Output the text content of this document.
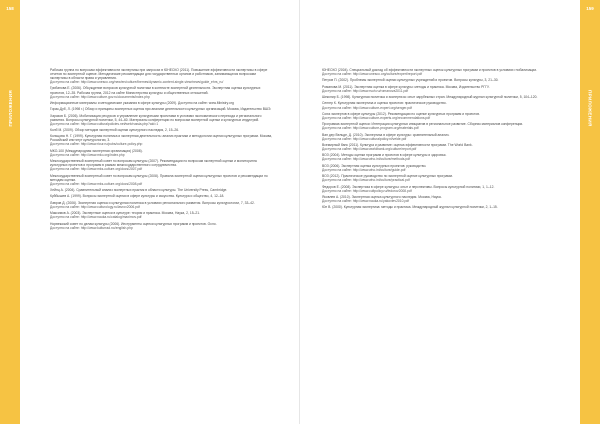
158
ПРИЛОЖЕНИЯ

Рабочая группа по вопросам эффективности экспертизы при запросах в ЮНЕСКО (2011). Повышение эффективности экспертизы в сфере отчетов по экспертной оценке. Методические рекомендации для государственных органов и работников, занимающихся вопросами экспертизы в области права и управления.
Доступно на сайте: http://www.unesco.org/new/en/culture/themes/dynamic-content-single-view/news/guide_ehrs_ru/

Грибанова Е. (2006). Обсуждение вопросов культурной политики в контексте экспертной деятельности. Экспертная оценка культурных проектов, 12–35. Рабочая группа, 2012 на сайте Министерства культуры и общественных отношений.
Доступно на сайте: http://www.culture.gov.ru/documents/index.php

Информационные материалы и методические указания в сфере культуры (2009). Доступно на сайте: www.Ministry.org

Горак-Дуб, Л. (1998 г.) Обзор и принципы экспертных оценок при анализе деятельности культурных организаций. Москва, Издательство ВШЭ.

Харазов Б. (2006). Мобилизация ресурсов и управление культурными проектами в условиях экономического перехода и регионального развития. Вопросы культурной политики, 5, 44–60. Материалы конференции по вопросам экспертной оценки и культурных индустрий.
Доступно на сайте: http://www.culturalpolicies.net/web/russia.php?aid=1

Колб М. (2009). Обзор методов экспертной оценки культурного наследия, 2, 15–26.

Кольцова Н. Г. (1999). Культурная политика и экспертная деятельность: анализ практики и методологии оценки культурных программ. Москва, Российский институт культурологии, 3.
Доступно на сайте: http://www.ricur.ru/pubs/culture-policy.php

МКО-100 (Международная экспертная организация) (2008).
Доступно на сайте: http://www.mko.org/index.php

Межгосударственный экспертный совет по вопросам культуры (2007). Рекомендации по вопросам экспертной оценки и мониторинга культурных проектов и программ в рамках межгосударственного сотрудничества.
Доступно на сайте: http://www.mks-culture.org/docs/2007.pdf

Межгосударственный экспертный совет по вопросам культуры (2008). Правила экспертной оценки культурных проектов и рекомендации по методам оценки.
Доступно на сайте: http://www.mks-culture.org/docs/2008.pdf

Хейнц А. (2004). Сравнительный анализ экспертных практик в области культуры. The University Press, Cambridge.

Куйбышев А. (1999). Вопросы экспертной оценки в сфере культуры и искусства. Культура и общество, 4, 12–18.

Лавров Д. (2006). Экспертная оценка и культурная политика в условиях регионального развития. Вопросы культурологии, 7, 33–42.
Доступно на сайте: http://www.culturology.ru/lavrov2006.pdf

Максимов А. (2003). Экспертные оценки в культуре: теория и практика. Москва, Наука, 2, 15–21.
Доступно на сайте: http://www.nauka.ru/catalog/maximov.pdf

Норвежский совет по делам культуры (2006). Инструменты оценки культурных программ и проектов. Осло.
Доступно на сайте: http://www.kulturrad.no/english.php

159
ПРИЛОЖЕНИЯ

ЮНЕСКО (2004). Специальный доклад об эффективности экспертных оценок культурных программ и проектов в условиях глобализации.
Доступно на сайте: http://www.unesco.org/culture/expert/report.pdf

Петров П. (2002). Проблемы экспертной оценки культурных учреждений и проектов. Вопросы культуры, 3, 21–30.

Романова М. (2011). Экспертная оценка в сфере культуры: методы и практика. Москва, Издательство РГГУ.
Доступно на сайте: http://www.rsuh.ru/romanova2011.pdf

Шекспир Б. (1998). Культурная политика и экспертиза: опыт зарубежных стран. Международный журнал культурной политики, 5, 104–120.

Сенгер К. Культурная экспертиза и оценка проектов: практическое руководство.
Доступно на сайте: http://www.culture-expert.org/senger.pdf

Союз экспертов в сфере культуры (2012). Рекомендации по оценке культурных программ и проектов.
Доступно на сайте: http://www.culture-experts.org/recommendations.pdf

Программа экспертной оценки: Интеграция культурных инициатив в региональное развитие. Сборник материалов конференции.
Доступно на сайте: http://www.culture-program.org/materials.pdf

Ван дер Вельде, Д. (2010). Экспертиза в сфере культуры: сравнительный анализ.
Доступно на сайте: http://www.culturalpolicy.nl/velde.pdf

Всемирный банк (2011). Культура и развитие: оценка эффективности программ. The World Bank.
Доступно на сайте: http://www.worldbank.org/culture/report.pdf

ВОЗ (2004). Методы оценки программ и проектов в сфере культуры и здоровья.
Доступно на сайте: http://www.who.int/culture/methods.pdf

ВОЗ (2006). Экспертная оценка культурных проектов: руководство.
Доступно на сайте: http://www.who.int/culture/guide.pdf

ВОЗ (2012). Практическое руководство по экспертной оценке культурных программ.
Доступно на сайте: http://www.who.int/culture/practical.pdf

Федоров Е. (2008). Экспертиза в сфере культуры: опыт и перспективы. Вопросы культурной политики, 1, 1–12.
Доступно на сайте: http://www.cultpolicy.ru/fedorov2008.pdf

Яковлев А. (2010). Экспертная оценка культурного наследия. Москва, Наука.
Доступно на сайте: http://www.nauka.ru/yakovlev2010.pdf

Юн В. (2000). Культурная экспертиза: методы и практика. Международный журнал культурной политики, 2, 1–15.
